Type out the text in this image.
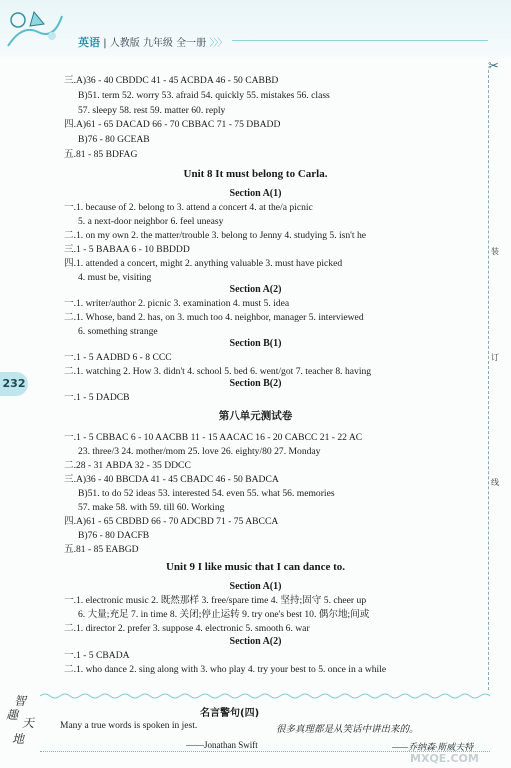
英语 | 人教版 九年级 全一册 〉〉〉
✂
装
订
线
232
三.A)36 - 40 CBDDC 41 - 45 ACBDA 46 - 50 CABBD
B)51. term 52. worry 53. afraid 54. quickly 55. mistakes 56. class
57. sleepy 58. rest 59. matter 60. reply
四.A)61 - 65 DACAD 66 - 70 CBBAC 71 - 75 DBADD
B)76 - 80 GCEAB
五.81 - 85 BDFAG
Unit 8 It must belong to Carla.
Section A(1)
一.1. because of 2. belong to 3. attend a concert 4. at the/a picnic
5. a next-door neighbor 6. feel uneasy
二.1. on my own 2. the matter/trouble 3. belong to Jenny 4. studying 5. isn't he
三.1 - 5 BABAA 6 - 10 BBDDD
四.1. attended a concert, might 2. anything valuable 3. must have picked
4. must be, visiting
Section A(2)
一.1. writer/author 2. picnic 3. examination 4. must 5. idea
二.1. Whose, band 2. has, on 3. much too 4. neighbor, manager 5. interviewed
6. something strange
Section B(1)
一.1 - 5 AADBD 6 - 8 CCC
二.1. watching 2. How 3. didn't 4. school 5. bed 6. went/got 7. teacher 8. having
Section B(2)
一.1 - 5 DADCB
第八单元测试卷
一.1 - 5 CBBAC 6 - 10 AACBB 11 - 15 AACAC 16 - 20 CABCC 21 - 22 AC
23. three/3 24. mother/mom 25. love 26. eighty/80 27. Monday
二.28 - 31 ABDA 32 - 35 DDCC
三.A)36 - 40 BBCDA 41 - 45 CBADC 46 - 50 BADCA
B)51. to do 52 ideas 53. interested 54. even 55. what 56. memories
57. make 58. with 59. till 60. Working
四.A)61 - 65 CBDBD 66 - 70 ADCBD 71 - 75 ABCCA
B)76 - 80 DACFB
五.81 - 85 EABGD
Unit 9 I like music that I can dance to.
Section A(1)
一.1. electronic music 2. 既然那样 3. free/spare time 4. 坚持;固守 5. cheer up
6. 大量;充足 7. in time 8. 关闭;停止运转 9. try one's best 10. 偶尔地;间或
二.1. director 2. prefer 3. suppose 4. electronic 5. smooth 6. war
Section A(2)
一.1 - 5 CBADA
二.1. who dance 2. sing along with 3. who play 4. try your best to 5. once in a while
智
趣
天
地
名言警句(四)
Many a true words is spoken in jest.	很多真理都是从笑话中讲出来的。
——Jonathan Swift	——乔纳森·斯威夫特
MXQE.COM
